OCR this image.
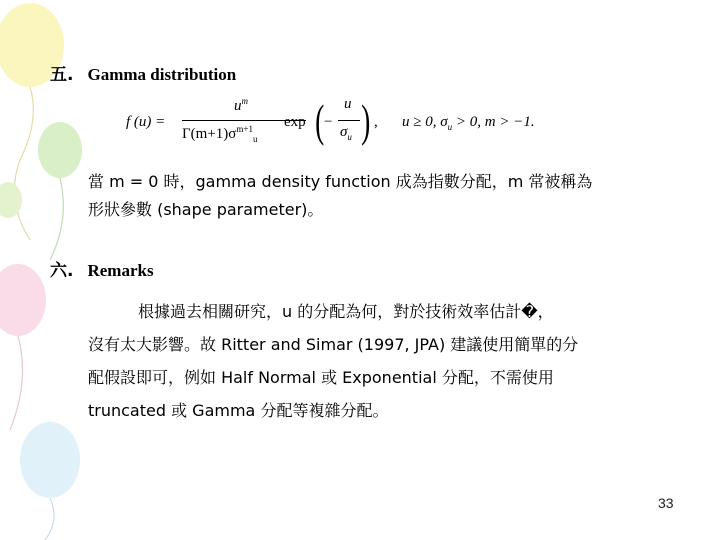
五. Gamma distribution
f (u) =
$u^m$
$\Gamma(m+1)\sigma^{m+1}_u$
exp ( −
u
$\sigma_u$ ) , u ≥ 0, $\sigma_u > 0$, m > −1.
當 m = 0 時，gamma density function 成為指數分配，m 常被稱為
形狀參數 (shape parameter)。
六. Remarks
根據過去相關研究，u 的分配為何，對於技術效率估計�，
沒有太大影響。故 Ritter and Simar (1997, JPA) 建議使用簡單的分
配假設即可，例如 Half Normal 或 Exponential 分配，不需使用
truncated 或 Gamma 分配等複雜分配。
33
